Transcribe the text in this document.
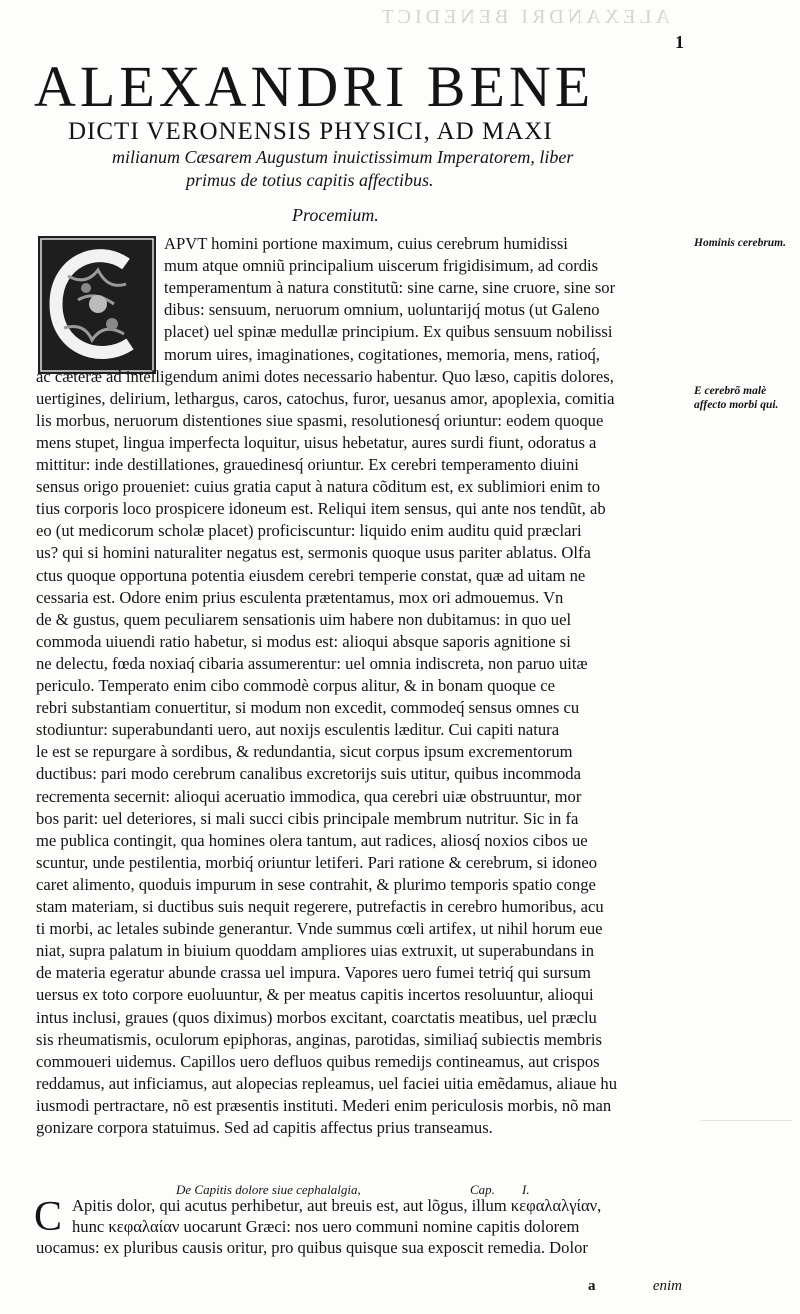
ALEXANDRI BENEDICT
1
ALEXANDRI BENE
DICTI VERONENSIS PHYSICI, AD MAXI
milianum Cæsarem Augustum inuictissimum Imperatorem, liber
primus de totius capitis affectibus.
Procemium.
APVT homini portione maximum, cuius cerebrum humidissi
mum atque omniũ principalium uiscerum frigidisimum, ad cordis
temperamentum à natura constitutũ: sine carne, sine cruore, sine sor
dibus: sensuum, neruorum omnium, uoluntarijq́ motus (ut Galeno
placet) uel spinæ medullæ principium. Ex quibus sensuum nobilissi
morum uires, imaginationes, cogitationes, memoria, mens, ratioq́,
ac cæteræ ad intelligendum animi dotes necessario habentur. Quo læso, capitis dolores,
uertigines, delirium, lethargus, caros, catochus, furor, uesanus amor, apoplexia, comitia
lis morbus, neruorum distentiones siue spasmi, resolutionesq́ oriuntur: eodem quoque
mens stupet, lingua imperfecta loquitur, uisus hebetatur, aures surdi fiunt, odoratus a
mittitur: inde destillationes, grauedinesq́ oriuntur. Ex cerebri temperamento diuini
sensus origo proueniet: cuius gratia caput à natura cõditum est, ex sublimiori enim to
tius corporis loco prospicere idoneum est. Reliqui item sensus, qui ante nos tendũt, ab
eo (ut medicorum scholæ placet) proficiscuntur: liquido enim auditu quid præclari
us? qui si homini naturaliter negatus est, sermonis quoque usus pariter ablatus. Olfa
ctus quoque opportuna potentia eiusdem cerebri temperie constat, quæ ad uitam ne
cessaria est. Odore enim prius esculenta prætentamus, mox ori admouemus. Vn
de & gustus, quem peculiarem sensationis uim habere non dubitamus: in quo uel
commoda uiuendi ratio habetur, si modus est: alioqui absque saporis agnitione si
ne delectu, fœda noxiaq́ cibaria assumerentur: uel omnia indiscreta, non paruo uitæ
periculo. Temperato enim cibo commodè corpus alitur, & in bonam quoque ce
rebri substantiam conuertitur, si modum non excedit, commodeq́ sensus omnes cu
stodiuntur: superabundanti uero, aut noxijs esculentis læditur. Cui capiti natura
le est se repurgare à sordibus, & redundantia, sicut corpus ipsum excrementorum
ductibus: pari modo cerebrum canalibus excretorijs suis utitur, quibus incommoda
recrementa secernit: alioqui aceruatio immodica, qua cerebri uiæ obstruuntur, mor
bos parit: uel deteriores, si mali succi cibis principale membrum nutritur. Sic in fa
me publica contingit, qua homines olera tantum, aut radices, aliosq́ noxios cibos ue
scuntur, unde pestilentia, morbiq́ oriuntur letiferi. Pari ratione & cerebrum, si idoneo
caret alimento, quoduis impurum in sese contrahit, & plurimo temporis spatio conge
stam materiam, si ductibus suis nequit regerere, putrefactis in cerebro humoribus, acu
ti morbi, ac letales subinde generantur. Vnde summus cœli artifex, ut nihil horum eue
niat, supra palatum in biuium quoddam ampliores uias extruxit, ut superabundans in
de materia egeratur abunde crassa uel impura. Vapores uero fumei tetriq́ qui sursum
uersus ex toto corpore euoluuntur, & per meatus capitis incertos resoluuntur, alioqui
intus inclusi, graues (quos diximus) morbos excitant, coarctatis meatibus, uel præclu
sis rheumatismis, oculorum epiphoras, anginas, parotidas, similiaq́ subiectis membris
commoueri uidemus. Capillos uero defluos quibus remedijs contineamus, aut crispos
reddamus, aut inficiamus, aut alopecias repleamus, uel faciei uitia emẽdamus, aliaue hu
iusmodi pertractare, nõ est præsentis instituti. Mederi enim periculosis morbis, nõ man
gonizare corpora statuimus. Sed ad capitis affectus prius transeamus.
Hominis cerebrum.
E cerebrõ malè affecto morbi qui.
De Capitis dolore siue cephalalgia,	Cap. I.
C Apitis dolor, qui acutus perhibetur, aut breuis est, aut lõgus, illum κεφαλαλγίαν,
hunc κεφαλαίαν uocarunt Græci: nos uero communi nomine capitis dolorem
uocamus: ex pluribus causis oritur, pro quibus quisque sua exposcit remedia. Dolor
a	enim
